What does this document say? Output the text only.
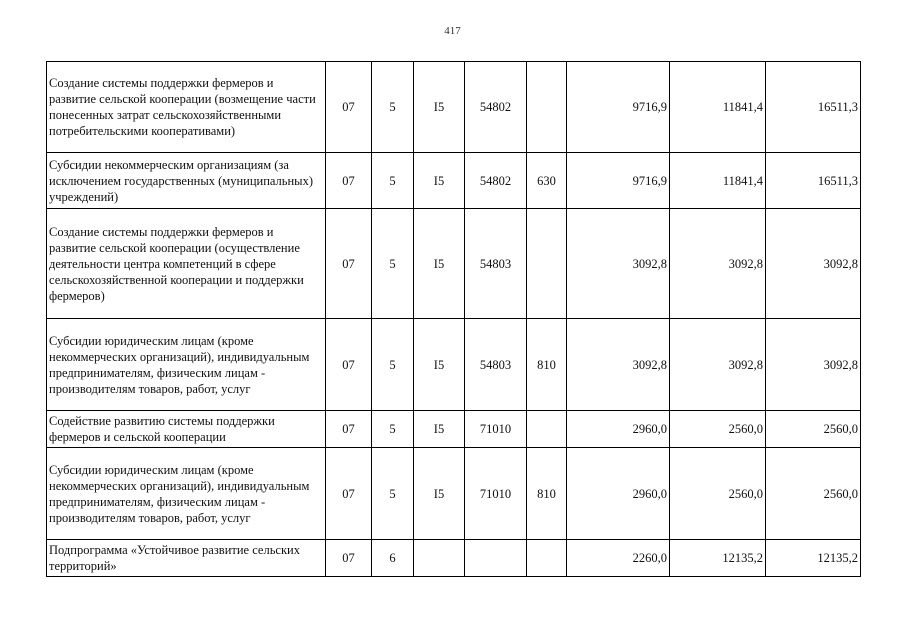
417
Создание системы поддержки фермеров и развитие сельской кооперации (возмещение части понесенных затрат сельскохозяйственными потребительскими кооперативами)	07	5	I5	54802		9716,9	11841,4	16511,3
Субсидии некоммерческим организациям (за исключением государственных (муниципальных) учреждений)	07	5	I5	54802	630	9716,9	11841,4	16511,3
Создание системы поддержки фермеров и развитие сельской кооперации (осуществление деятельности центра компетенций в сфере сельскохозяйственной кооперации и поддержки фермеров)	07	5	I5	54803		3092,8	3092,8	3092,8
Субсидии юридическим лицам (кроме некоммерческих организаций), индивидуальным предпринимателям, физическим лицам - производителям товаров, работ, услуг	07	5	I5	54803	810	3092,8	3092,8	3092,8
Содействие развитию системы поддержки фермеров и сельской кооперации	07	5	I5	71010		2960,0	2560,0	2560,0
Субсидии юридическим лицам (кроме некоммерческих организаций), индивидуальным предпринимателям, физическим лицам - производителям товаров, работ, услуг	07	5	I5	71010	810	2960,0	2560,0	2560,0
Подпрограмма «Устойчивое развитие сельских территорий»	07	6				2260,0	12135,2	12135,2
